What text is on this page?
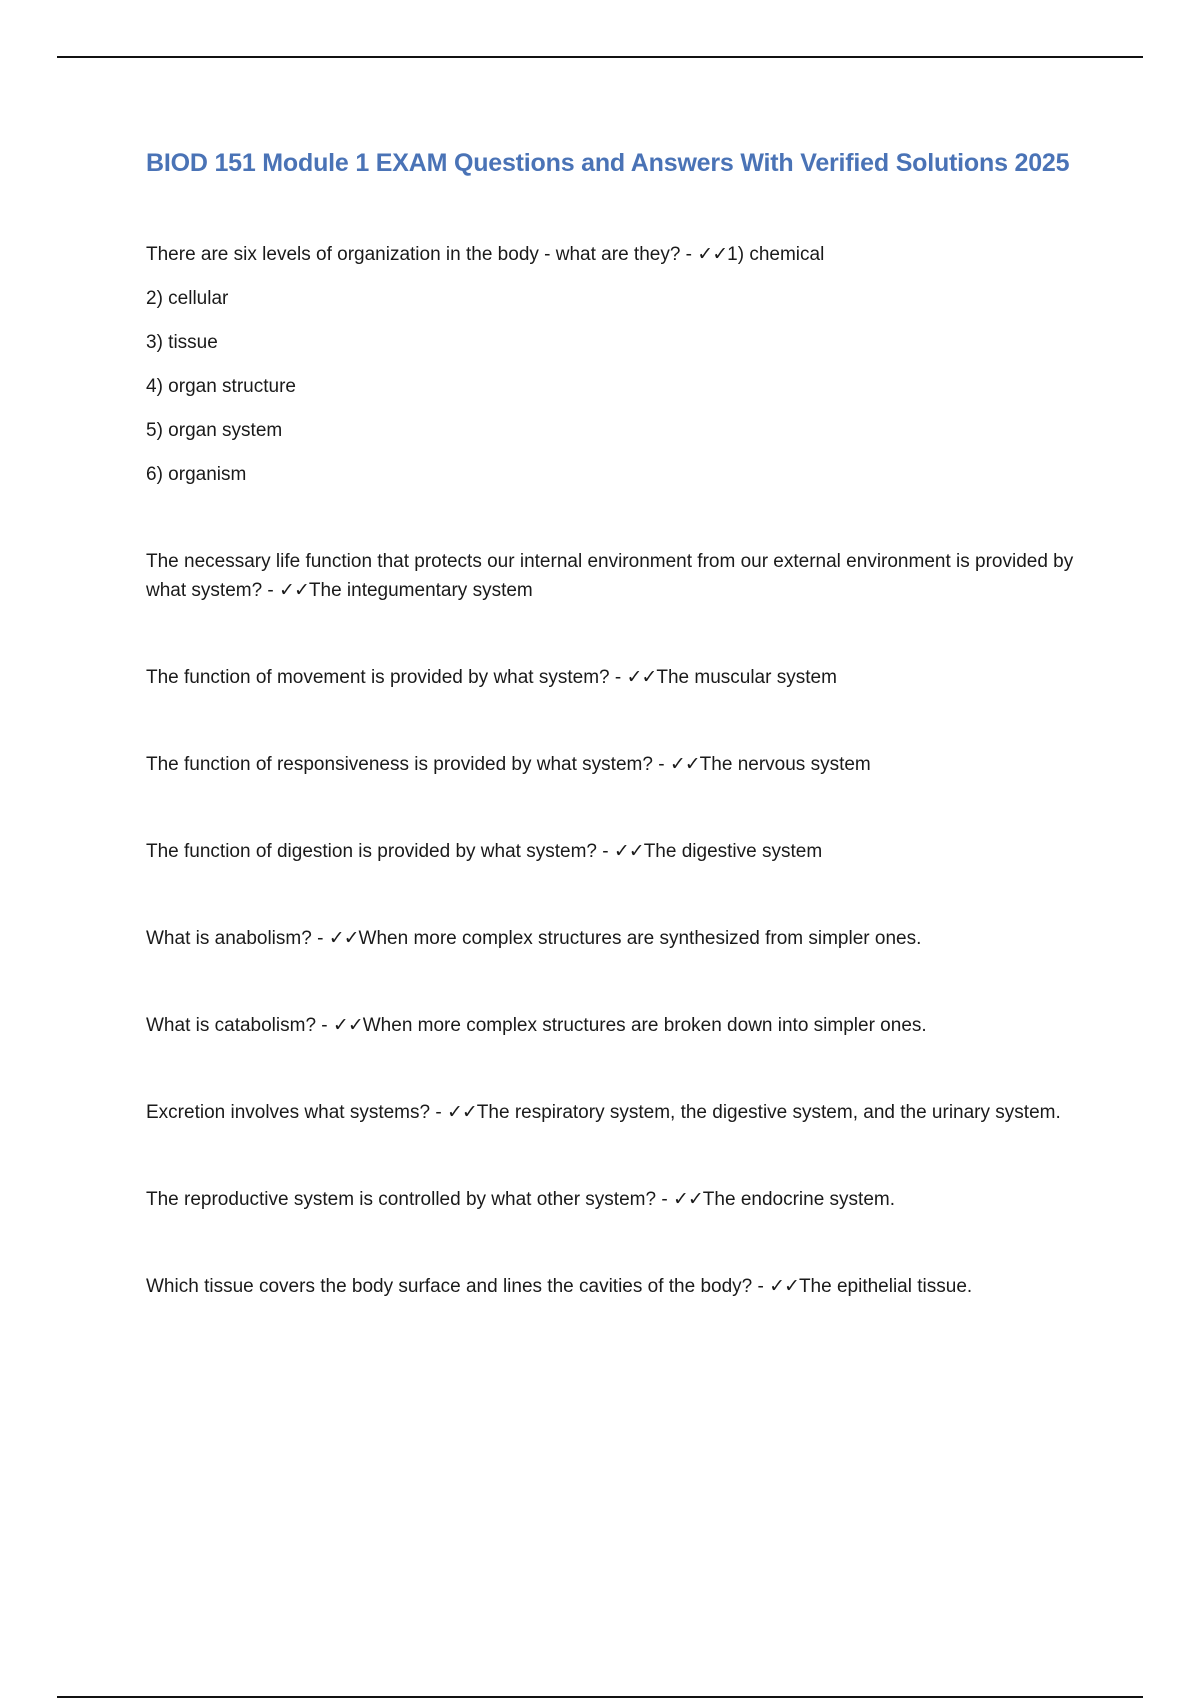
BIOD 151 Module 1 EXAM Questions and Answers With Verified Solutions 2025

There are six levels of organization in the body - what are they? - ✓✓1) chemical

2) cellular

3) tissue

4) organ structure

5) organ system

6) organism

The necessary life function that protects our internal environment from our external environment is provided by what system? - ✓✓The integumentary system

The function of movement is provided by what system? - ✓✓The muscular system

The function of responsiveness is provided by what system? - ✓✓The nervous system

The function of digestion is provided by what system? - ✓✓The digestive system

What is anabolism? - ✓✓When more complex structures are synthesized from simpler ones.

What is catabolism? - ✓✓When more complex structures are broken down into simpler ones.

Excretion involves what systems? - ✓✓The respiratory system, the digestive system, and the urinary system.

The reproductive system is controlled by what other system? - ✓✓The endocrine system.

Which tissue covers the body surface and lines the cavities of the body? - ✓✓The epithelial tissue.
